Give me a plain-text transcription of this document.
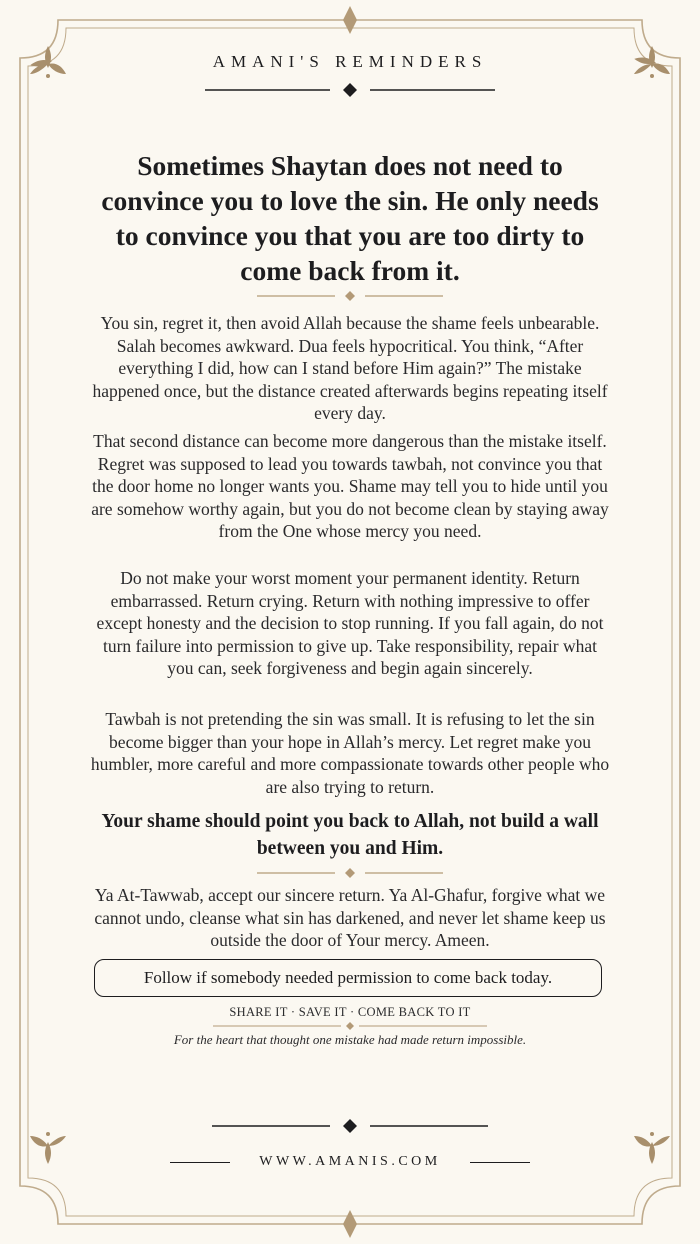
AMANI'S REMINDERS
Sometimes Shaytan does not need to convince you to love the sin. He only needs to convince you that you are too dirty to come back from it.

You sin, regret it, then avoid Allah because the shame feels unbearable. Salah becomes awkward. Dua feels hypocritical. You think, “After everything I did, how can I stand before Him again?” The mistake happened once, but the distance created afterwards begins repeating itself every day.

That second distance can become more dangerous than the mistake itself. Regret was supposed to lead you towards tawbah, not convince you that the door home no longer wants you. Shame may tell you to hide until you are somehow worthy again, but you do not become clean by staying away from the One whose mercy you need.

Do not make your worst moment your permanent identity. Return embarrassed. Return crying. Return with nothing impressive to offer except honesty and the decision to stop running. If you fall again, do not turn failure into permission to give up. Take responsibility, repair what you can, seek forgiveness and begin again sincerely.

Tawbah is not pretending the sin was small. It is refusing to let the sin become bigger than your hope in Allah’s mercy. Let regret make you humbler, more careful and more compassionate towards other people who are also trying to return.

Your shame should point you back to Allah, not build a wall between you and Him.

Ya At-Tawwab, accept our sincere return. Ya Al-Ghafur, forgive what we cannot undo, cleanse what sin has darkened, and never let shame keep us outside the door of Your mercy. Ameen.

Follow if somebody needed permission to come back today.
SHARE IT · SAVE IT · COME BACK TO IT
For the heart that thought one mistake had made return impossible.
WWW.AMANIS.COM
